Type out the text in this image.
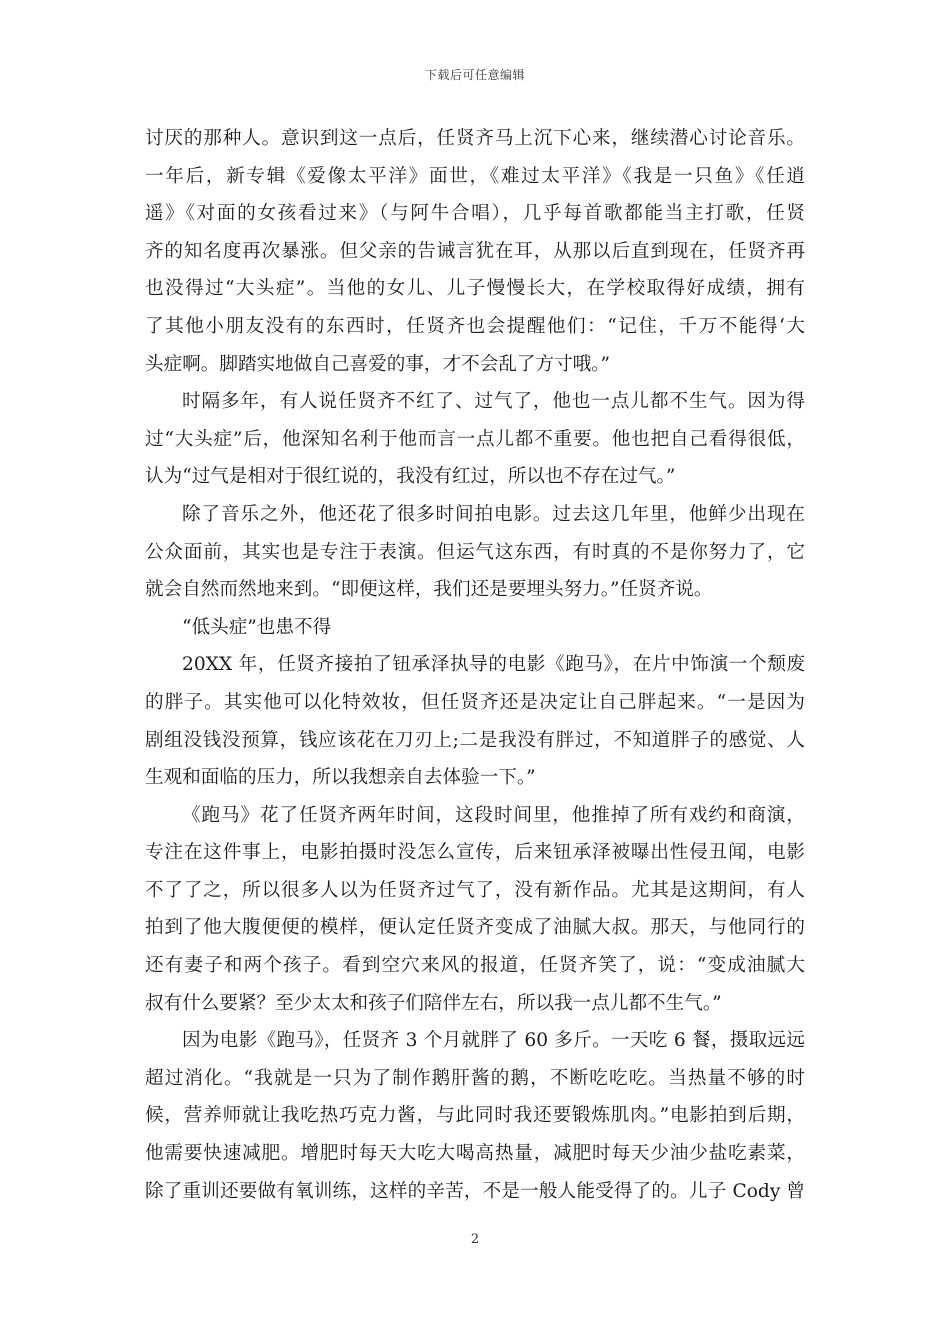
下载后可任意编辑
讨厌的那种人。意识到这一点后，任贤齐马上沉下心来，继续潜心讨论音乐。
一年后，新专辑《爱像太平洋》面世，《难过太平洋》《我是一只鱼》《任逍
遥》《对面的女孩看过来》（与阿牛合唱），几乎每首歌都能当主打歌，任贤
齐的知名度再次暴涨。但父亲的告诫言犹在耳，从那以后直到现在，任贤齐再
也没得过“大头症”。当他的女儿、儿子慢慢长大，在学校取得好成绩，拥有
了其他小朋友没有的东西时，任贤齐也会提醒他们：“记住，千万不能得‘大
头症啊。脚踏实地做自己喜爱的事，才不会乱了方寸哦。”
时隔多年，有人说任贤齐不红了、过气了，他也一点儿都不生气。因为得
过“大头症”后，他深知名利于他而言一点儿都不重要。他也把自己看得很低，
认为“过气是相对于很红说的，我没有红过，所以也不存在过气。”
除了音乐之外，他还花了很多时间拍电影。过去这几年里，他鲜少出现在
公众面前，其实也是专注于表演。但运气这东西，有时真的不是你努力了，它
就会自然而然地来到。“即便这样，我们还是要埋头努力。”任贤齐说。
“低头症”也患不得
20XX 年，任贤齐接拍了钮承泽执导的电影《跑马》，在片中饰演一个颓废
的胖子。其实他可以化特效妆，但任贤齐还是决定让自己胖起来。“一是因为
剧组没钱没预算，钱应该花在刀刃上;二是我没有胖过，不知道胖子的感觉、人
生观和面临的压力，所以我想亲自去体验一下。”
《跑马》花了任贤齐两年时间，这段时间里，他推掉了所有戏约和商演，
专注在这件事上，电影拍摄时没怎么宣传，后来钮承泽被曝出性侵丑闻，电影
不了了之，所以很多人以为任贤齐过气了，没有新作品。尤其是这期间，有人
拍到了他大腹便便的模样，便认定任贤齐变成了油腻大叔。那天，与他同行的
还有妻子和两个孩子。看到空穴来风的报道，任贤齐笑了，说：“变成油腻大
叔有什么要紧？至少太太和孩子们陪伴左右，所以我一点儿都不生气。”
因为电影《跑马》，任贤齐 3 个月就胖了 60 多斤。一天吃 6 餐，摄取远远
超过消化。“我就是一只为了制作鹅肝酱的鹅，不断吃吃吃。当热量不够的时
候，营养师就让我吃热巧克力酱，与此同时我还要锻炼肌肉。”电影拍到后期，
他需要快速减肥。增肥时每天大吃大喝高热量，减肥时每天少油少盐吃素菜，
除了重训还要做有氧训练，这样的辛苦，不是一般人能受得了的。儿子 Cody 曾
2
